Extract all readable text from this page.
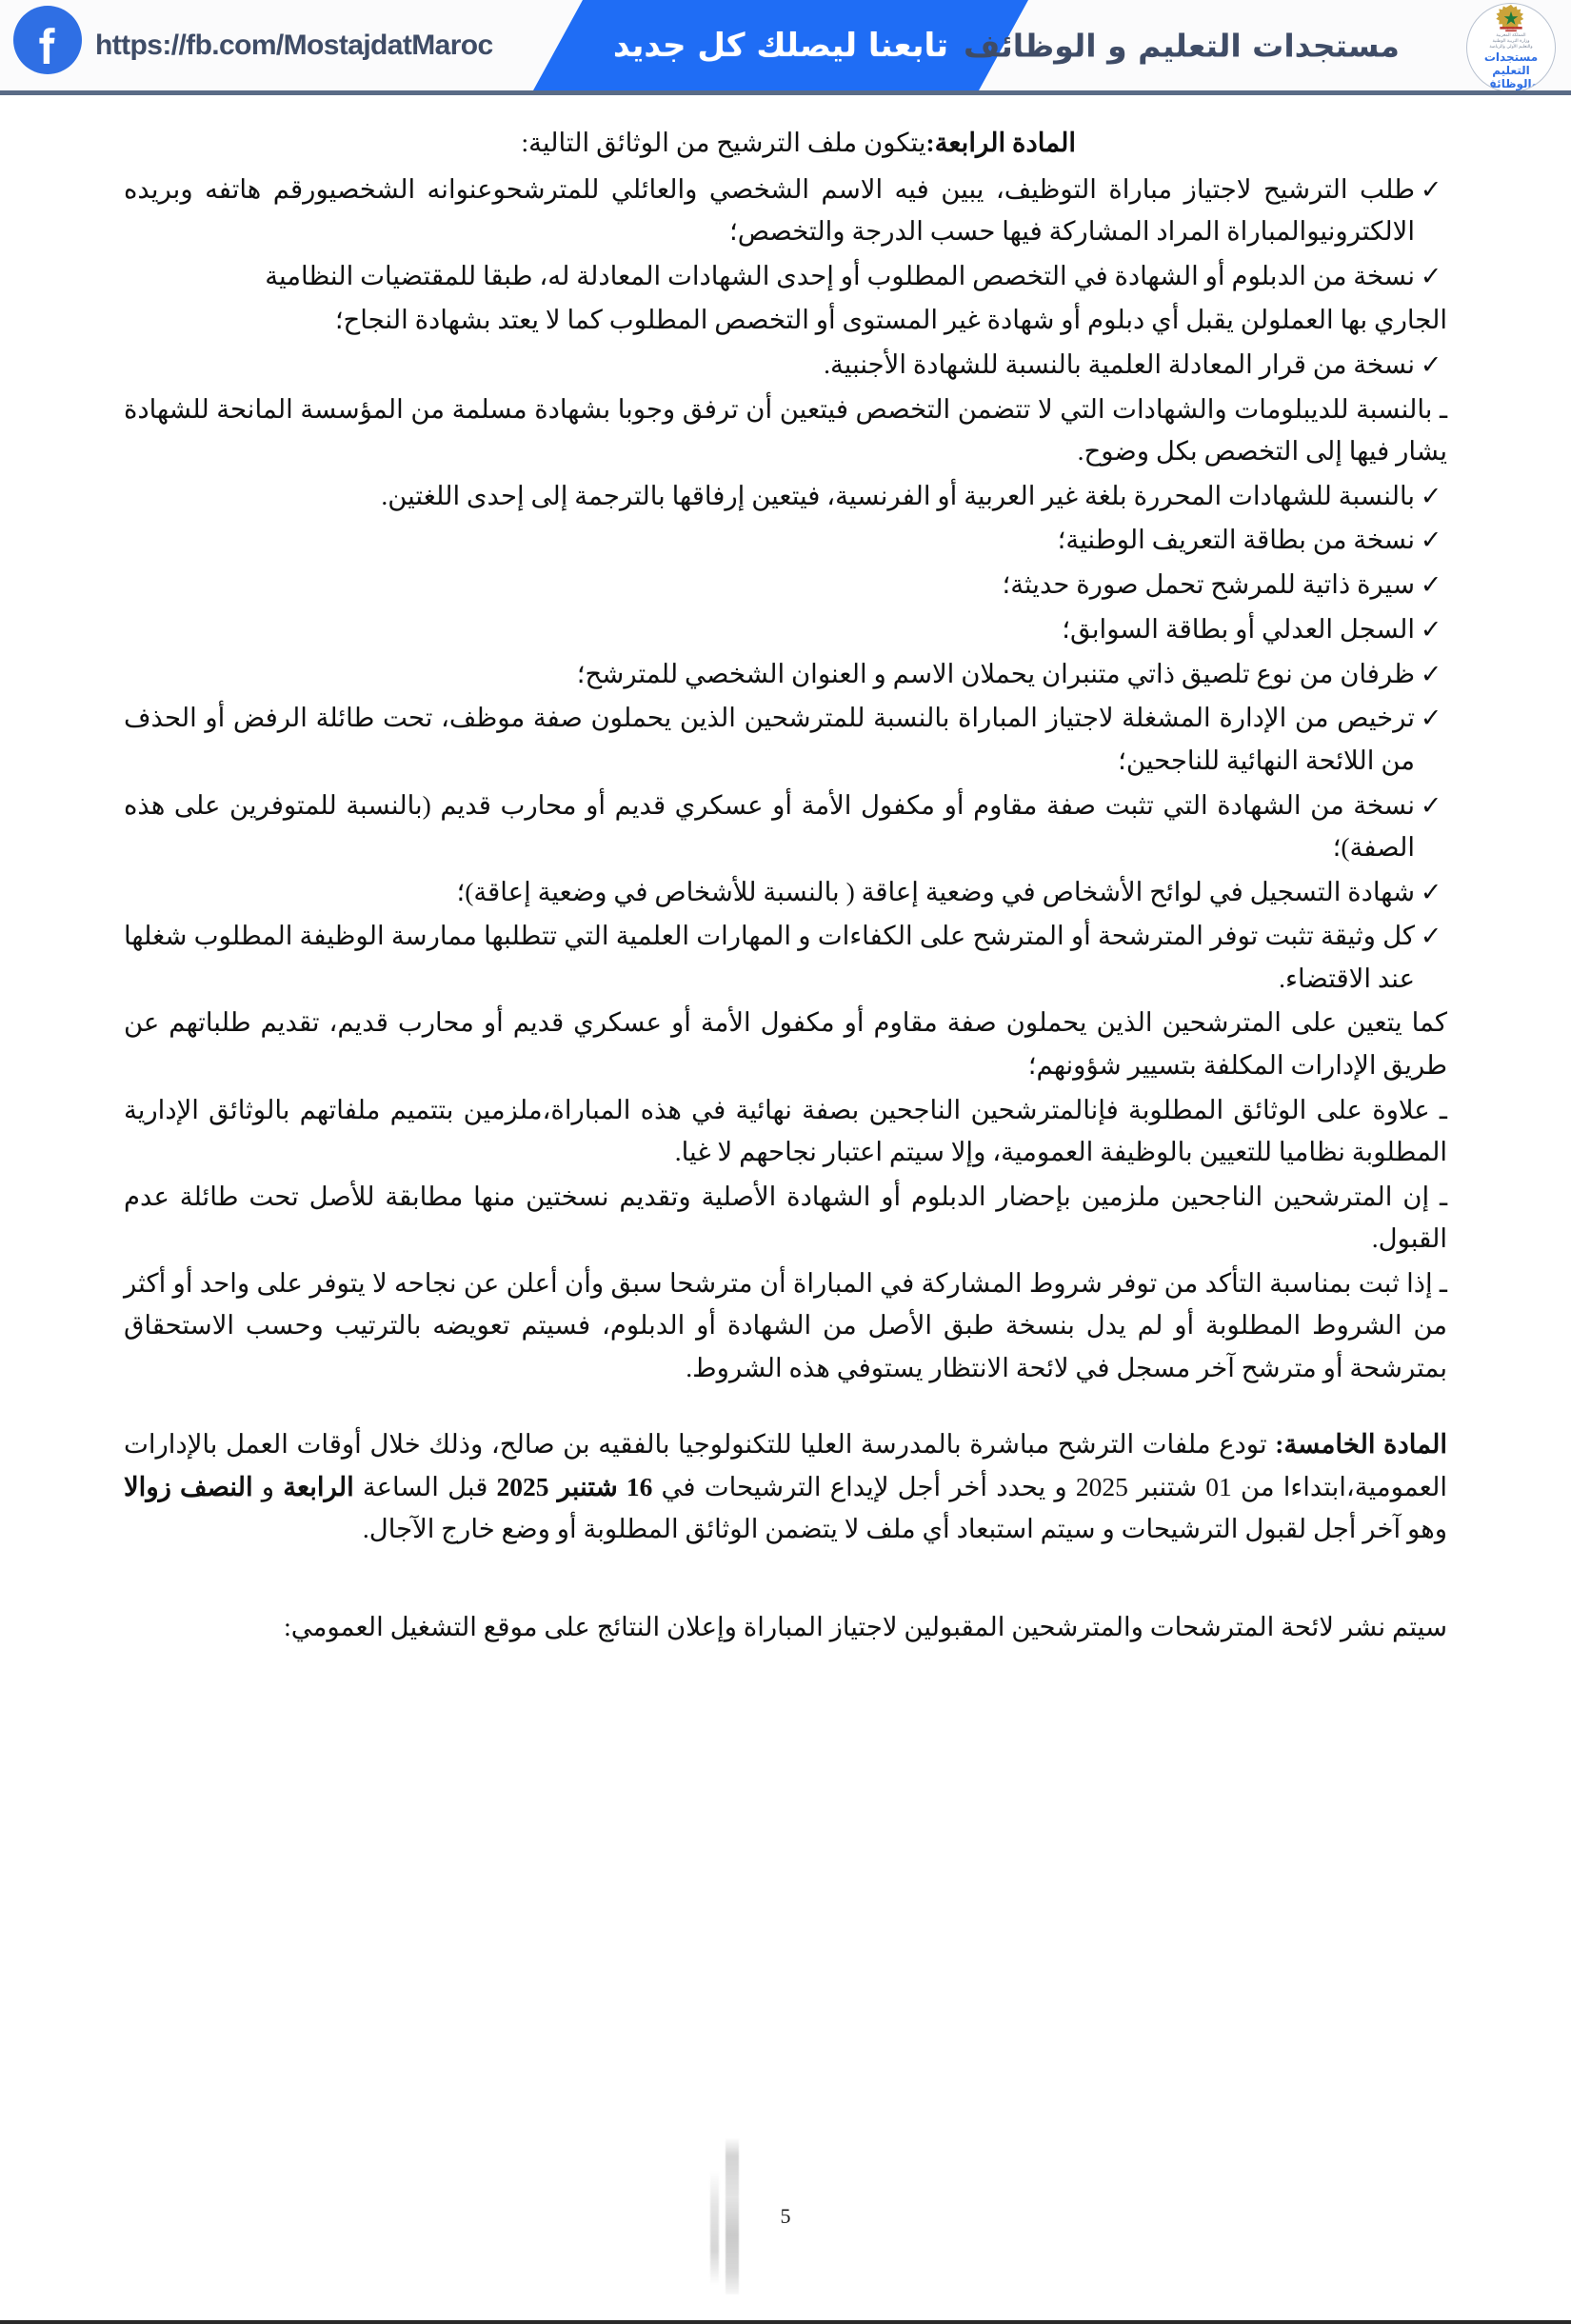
https://fb.com/MostajdatMaroc	تابعنا ليصلك كل جديد مستجدات التعليم و الوظائف	المملكة المغربية
وزارة التربية الوطنية
والتعليم الأولي والرياضة
مستجدات التعليم
والوظائف

المادة الرابعة:يتكون ملف الترشيح من الوثائق التالية:

✓
طلب الترشيح لاجتياز مباراة التوظيف، يبين فيه الاسم الشخصي والعائلي للمترشحوعنوانه الشخصيورقم هاتفه وبريده الالكترونيوالمباراة المراد المشاركة فيها حسب الدرجة والتخصص؛
✓
نسخة من الدبلوم أو الشهادة في التخصص المطلوب أو إحدى الشهادات المعادلة له، طبقا للمقتضيات النظامية

الجاري بها العملولن يقبل أي دبلوم أو شهادة غير المستوى أو التخصص المطلوب كما لا يعتد بشهادة النجاح؛

✓
نسخة من قرار المعادلة العلمية بالنسبة للشهادة الأجنبية.

ـ بالنسبة للديبلومات والشهادات التي لا تتضمن التخصص فيتعين أن ترفق وجوبا بشهادة مسلمة من المؤسسة المانحة للشهادة يشار فيها إلى التخصص بكل وضوح.

✓
بالنسبة للشهادات المحررة بلغة غير العربية أو الفرنسية، فيتعين إرفاقها بالترجمة إلى إحدى اللغتين.
✓
نسخة من بطاقة التعريف الوطنية؛
✓
سيرة ذاتية للمرشح تحمل صورة حديثة؛
✓
السجل العدلي أو بطاقة السوابق؛
✓
ظرفان من نوع تلصيق ذاتي متنبران يحملان الاسم و العنوان الشخصي للمترشح؛
✓
ترخيص من الإدارة المشغلة لاجتياز المباراة بالنسبة للمترشحين الذين يحملون صفة موظف، تحت طائلة الرفض أو الحذف من اللائحة النهائية للناجحين؛
✓
نسخة من الشهادة التي تثبت صفة مقاوم أو مكفول الأمة أو عسكري قديم أو محارب قديم (بالنسبة للمتوفرين على هذه الصفة)؛
✓
شهادة التسجيل في لوائح الأشخاص في وضعية إعاقة ( بالنسبة للأشخاص في وضعية إعاقة)؛
✓
كل وثيقة تثبت توفر المترشحة أو المترشح على الكفاءات و المهارات العلمية التي تتطلبها ممارسة الوظيفة المطلوب شغلها عند الاقتضاء.

كما يتعين على المترشحين الذين يحملون صفة مقاوم أو مكفول الأمة أو عسكري قديم أو محارب قديم، تقديم طلباتهم عن طريق الإدارات المكلفة بتسيير شؤونهم؛

ـ علاوة على الوثائق المطلوبة فإنالمترشحين الناجحين بصفة نهائية في هذه المباراة،ملزمين بتتميم ملفاتهم بالوثائق الإدارية المطلوبة نظاميا للتعيين بالوظيفة العمومية، وإلا سيتم اعتبار نجاحهم لا غيا.

ـ إن المترشحين الناجحين ملزمين بإحضار الدبلوم أو الشهادة الأصلية وتقديم نسختين منها مطابقة للأصل تحت طائلة عدم القبول.

ـ إذا ثبت بمناسبة التأكد من توفر شروط المشاركة في المباراة أن مترشحا سبق وأن أعلن عن نجاحه لا يتوفر على واحد أو أكثر من الشروط المطلوبة أو لم يدل بنسخة طبق الأصل من الشهادة أو الدبلوم، فسيتم تعويضه بالترتيب وحسب الاستحقاق بمترشحة أو مترشح آخر مسجل في لائحة الانتظار يستوفي هذه الشروط.

المادة الخامسة: تودع ملفات الترشح مباشرة بالمدرسة العليا للتكنولوجيا بالفقيه بن صالح، وذلك خلال أوقات العمل بالإدارات العمومية،ابتداءا من 01 شتنبر 2025 و يحدد أخر أجل لإيداع الترشيحات في 16 شتنبر 2025 قبل الساعة الرابعة و النصف زوالا وهو آخر أجل لقبول الترشيحات و سيتم استبعاد أي ملف لا يتضمن الوثائق المطلوبة أو وضع خارج الآجال.

سيتم نشر لائحة المترشحات والمترشحين المقبولين لاجتياز المباراة وإعلان النتائج على موقع التشغيل العمومي:

5
